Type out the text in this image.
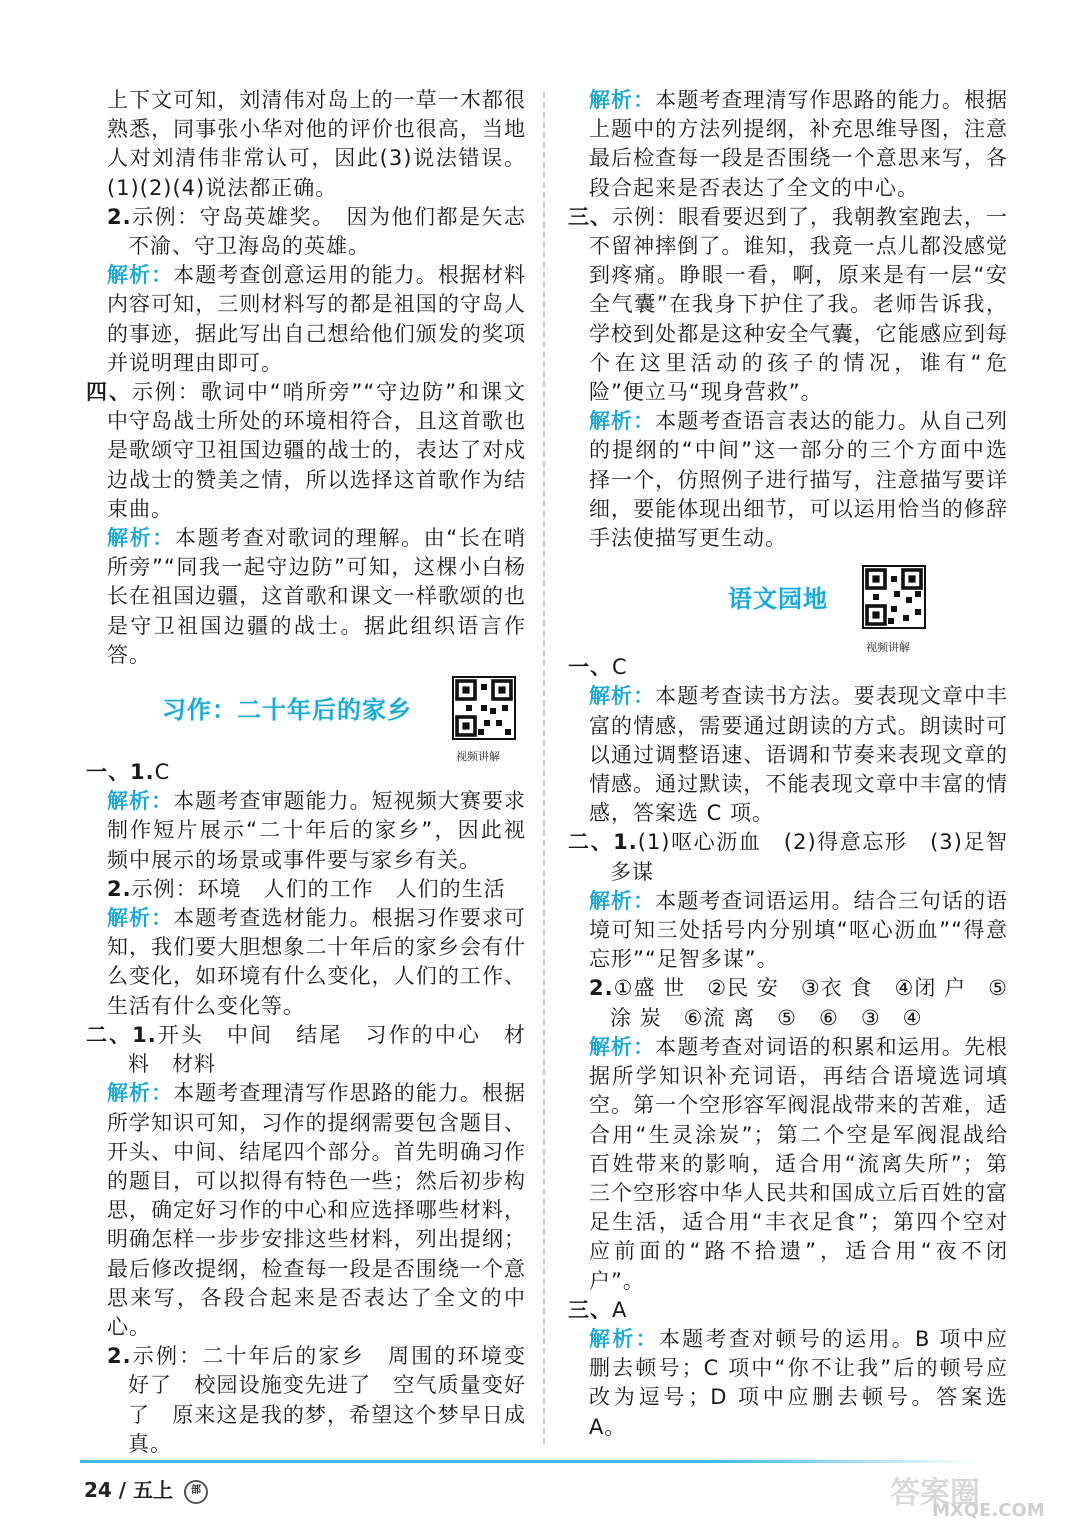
上下文可知，刘清伟对岛上的一草一木都很熟悉，同事张小华对他的评价也很高，当地人对刘清伟非常认可，因此(3)说法错误。(1)(2)(4)说法都正确。

2.示例：守岛英雄奖。　因为他们都是矢志不渝、守卫海岛的英雄。

解析：本题考查创意运用的能力。根据材料内容可知，三则材料写的都是祖国的守岛人的事迹，据此写出自己想给他们颁发的奖项并说明理由即可。

四、示例：歌词中“哨所旁”“守边防”和课文中守岛战士所处的环境相符合，且这首歌也是歌颂守卫祖国边疆的战士的，表达了对戍边战士的赞美之情，所以选择这首歌作为结束曲。

解析：本题考查对歌词的理解。由“长在哨所旁”“同我一起守边防”可知，这棵小白杨长在祖国边疆，这首歌和课文一样歌颂的也是守卫祖国边疆的战士。据此组织语言作答。

习作：二十年后的家乡
视频讲解

一、1.C

解析：本题考查审题能力。短视频大赛要求制作短片展示“二十年后的家乡”，因此视频中展示的场景或事件要与家乡有关。

2.示例：环境　人们的工作　人们的生活

解析：本题考查选材能力。根据习作要求可知，我们要大胆想象二十年后的家乡会有什么变化，如环境有什么变化，人们的工作、生活有什么变化等。

二、1.开头　中间　结尾　习作的中心　材料　材料

解析：本题考查理清写作思路的能力。根据所学知识可知，习作的提纲需要包含题目、开头、中间、结尾四个部分。首先明确习作的题目，可以拟得有特色一些；然后初步构思，确定好习作的中心和应选择哪些材料，明确怎样一步步安排这些材料，列出提纲；最后修改提纲，检查每一段是否围绕一个意思来写，各段合起来是否表达了全文的中心。

2.示例：二十年后的家乡　周围的环境变好了　校园设施变先进了　空气质量变好了　原来这是我的梦，希望这个梦早日成真。

解析：本题考查理清写作思路的能力。根据上题中的方法列提纲，补充思维导图，注意最后检查每一段是否围绕一个意思来写，各段合起来是否表达了全文的中心。

三、示例：眼看要迟到了，我朝教室跑去，一不留神摔倒了。谁知，我竟一点儿都没感觉到疼痛。睁眼一看，啊，原来是有一层“安全气囊”在我身下护住了我。老师告诉我，学校到处都是这种安全气囊，它能感应到每个在这里活动的孩子的情况，谁有“危险”便立马“现身营救”。

解析：本题考查语言表达的能力。从自己列的提纲的“中间”这一部分的三个方面中选择一个，仿照例子进行描写，注意描写要详细，要能体现出细节，可以运用恰当的修辞手法使描写更生动。

语文园地
视频讲解

一、C

解析：本题考查读书方法。要表现文章中丰富的情感，需要通过朗读的方式。朗读时可以通过调整语速、语调和节奏来表现文章的情感。通过默读，不能表现文章中丰富的情感，答案选 C 项。

二、1.(1)呕心沥血　(2)得意忘形　(3)足智多谋

解析：本题考查词语运用。结合三句话的语境可知三处括号内分别填“呕心沥血”“得意忘形”“足智多谋”。

2.①盛 世　②民 安　③衣 食　④闭 户　⑤涂 炭　⑥流 离　⑤　⑥　③　④

解析：本题考查对词语的积累和运用。先根据所学知识补充词语，再结合语境选词填空。第一个空形容军阀混战带来的苦难，适合用“生灵涂炭”；第二个空是军阀混战给百姓带来的影响，适合用“流离失所”；第三个空形容中华人民共和国成立后百姓的富足生活，适合用“丰衣足食”；第四个空对应前面的“路不拾遗”，适合用“夜不闭户”。

三、A

解析：本题考查对顿号的运用。B 项中应删去顿号；C 项中“你不让我”后的顿号应改为逗号；D 项中应删去顿号。答案选 A。

24 / 五上 部	答案圈
MXQE.COM
